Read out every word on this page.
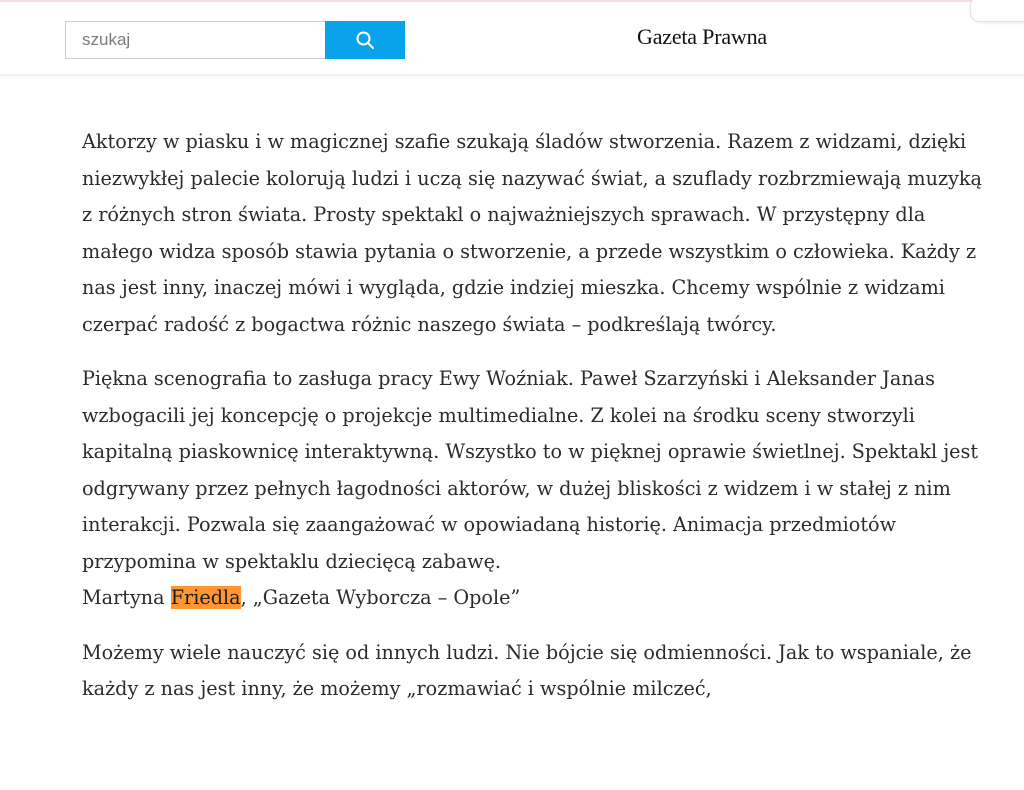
szukaj
Gazeta Prawna

Aktorzy w piasku i w magicznej szafie szukają śladów stworzenia. Razem z widzami, dzięki niezwykłej palecie kolorują ludzi i uczą się nazywać świat, a szuflady rozbrzmiewają muzyką z różnych stron świata. Prosty spektakl o najważniejszych sprawach. W przystępny dla małego widza sposób stawia pytania o stworzenie, a przede wszystkim o człowieka. Każdy z nas jest inny, inaczej mówi i wygląda, gdzie indziej mieszka. Chcemy wspólnie z widzami czerpać radość z bogactwa różnic naszego świata – podkreślają twórcy.

Piękna scenografia to zasługa pracy Ewy Woźniak. Paweł Szarzyński i Aleksander Janas wzbogacili jej koncepcję o projekcje multimedialne. Z kolei na środku sceny stworzyli kapitalną piaskownicę interaktywną. Wszystko to w pięknej oprawie świetlnej. Spektakl jest odgrywany przez pełnych łagodności aktorów, w dużej bliskości z widzem i w stałej z nim interakcji. Pozwala się zaangażować w opowiadaną historię. Animacja przedmiotów przypomina w spektaklu dziecięcą zabawę.
Martyna Friedla, „Gazeta Wyborcza – Opole”

Możemy wiele nauczyć się od innych ludzi. Nie bójcie się odmienności. Jak to wspaniale, że każdy z nas jest inny, że możemy „rozmawiać i wspólnie milczeć,
